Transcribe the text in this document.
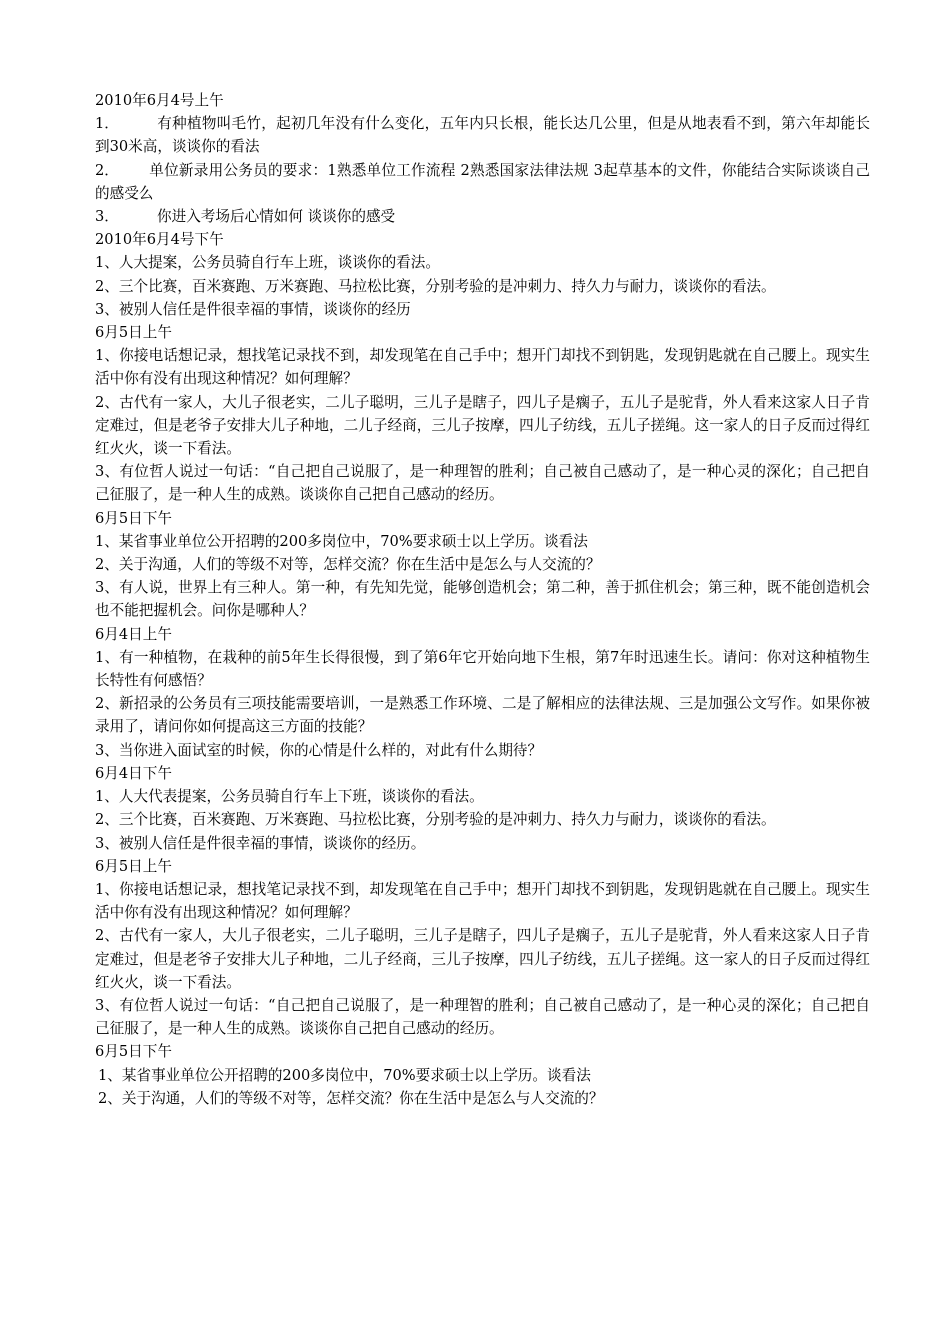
2010年6月4号上午

1．	有种植物叫毛竹，起初几年没有什么变化，五年内只长根，能长达几公里，但是从地表看不到，第六年却能长到30米高，谈谈你的看法

2． 单位新录用公务员的要求：1熟悉单位工作流程 2熟悉国家法律法规 3起草基本的文件，你能结合实际谈谈自己的感受么

3．	你进入考场后心情如何 谈谈你的感受

2010年6月4号下午

1、人大提案，公务员骑自行车上班，谈谈你的看法。

2、三个比赛，百米赛跑、万米赛跑、马拉松比赛，分别考验的是冲刺力、持久力与耐力，谈谈你的看法。

3、被别人信任是件很幸福的事情，谈谈你的经历

6月5日上午

1、你接电话想记录，想找笔记录找不到，却发现笔在自己手中；想开门却找不到钥匙，发现钥匙就在自己腰上。现实生活中你有没有出现这种情况？如何理解？

2、古代有一家人，大儿子很老实，二儿子聪明，三儿子是瞎子，四儿子是瘸子，五儿子是驼背，外人看来这家人日子肯定难过，但是老爷子安排大儿子种地，二儿子经商，三儿子按摩，四儿子纺线，五儿子搓绳。这一家人的日子反而过得红红火火，谈一下看法。

3、有位哲人说过一句话：“自己把自己说服了，是一种理智的胜利；自己被自己感动了，是一种心灵的深化；自己把自己征服了，是一种人生的成熟。谈谈你自己把自己感动的经历。

6月5日下午

1、某省事业单位公开招聘的200多岗位中，70%要求硕士以上学历。谈看法

2、关于沟通，人们的等级不对等，怎样交流？你在生活中是怎么与人交流的？

3、有人说，世界上有三种人。第一种，有先知先觉，能够创造机会；第二种，善于抓住机会；第三种，既不能创造机会也不能把握机会。问你是哪种人？

6月4日上午

1、有一种植物，在栽种的前5年生长得很慢，到了第6年它开始向地下生根，第7年时迅速生长。请问：你对这种植物生长特性有何感悟？

2、新招录的公务员有三项技能需要培训，一是熟悉工作环境、二是了解相应的法律法规、三是加强公文写作。如果你被录用了，请问你如何提高这三方面的技能？

3、当你进入面试室的时候，你的心情是什么样的，对此有什么期待？

6月4日下午

1、人大代表提案，公务员骑自行车上下班，谈谈你的看法。

2、三个比赛，百米赛跑、万米赛跑、马拉松比赛，分别考验的是冲刺力、持久力与耐力，谈谈你的看法。

3、被别人信任是件很幸福的事情，谈谈你的经历。

6月5日上午

1、你接电话想记录，想找笔记录找不到，却发现笔在自己手中；想开门却找不到钥匙，发现钥匙就在自己腰上。现实生活中你有没有出现这种情况？如何理解？

2、古代有一家人，大儿子很老实，二儿子聪明，三儿子是瞎子，四儿子是瘸子，五儿子是驼背，外人看来这家人日子肯定难过，但是老爷子安排大儿子种地，二儿子经商，三儿子按摩，四儿子纺线，五儿子搓绳。这一家人的日子反而过得红红火火，谈一下看法。

3、有位哲人说过一句话：“自己把自己说服了，是一种理智的胜利；自己被自己感动了，是一种心灵的深化；自己把自己征服了，是一种人生的成熟。谈谈你自己把自己感动的经历。

6月5日下午

1、某省事业单位公开招聘的200多岗位中，70%要求硕士以上学历。谈看法

2、关于沟通，人们的等级不对等，怎样交流？你在生活中是怎么与人交流的？
